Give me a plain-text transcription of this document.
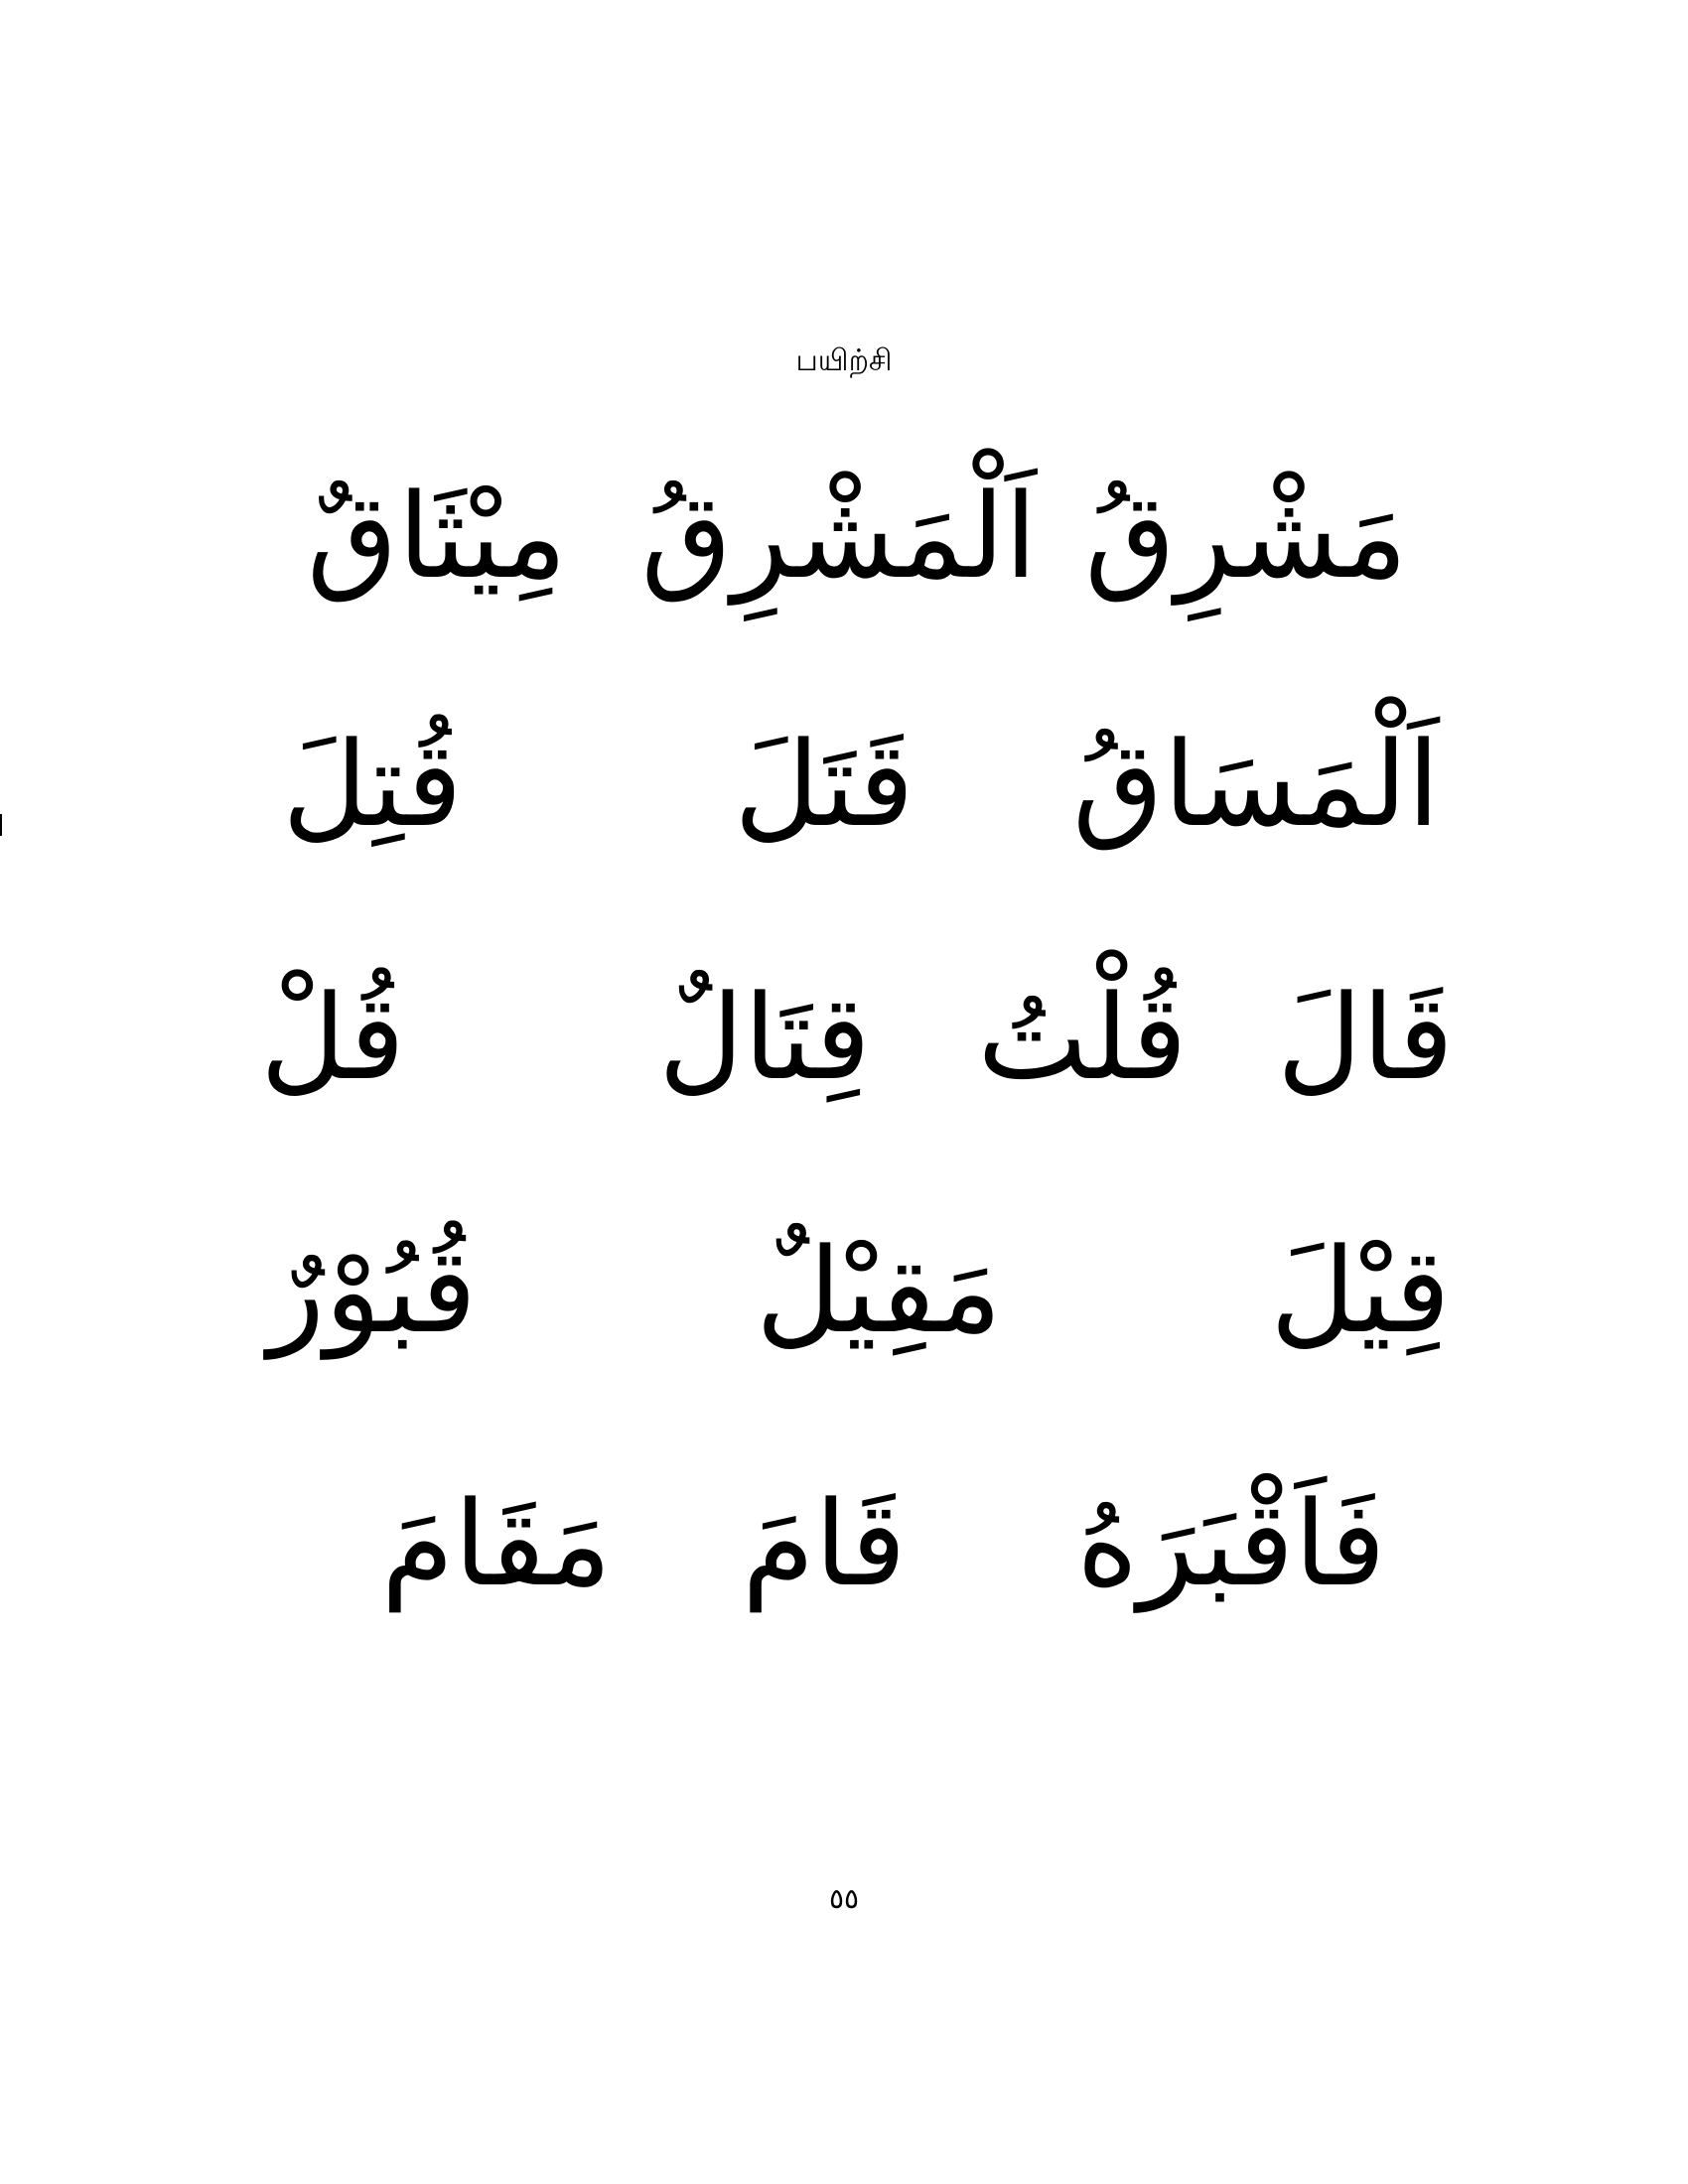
பயிற்சி
مَشْرِقُ
اَلْمَشْرِقُ
مِيْثَاقٌ
اَلْمَسَاقُ
قَتَلَ
قُتِلَ
قَالَ
قُلْتُ
قِتَالٌ
قُلْ
قِيْلَ
مَقِيْلٌ
قُبُوْرٌ
فَاَقْبَرَهُ
قَامَ
مَقَامَ
٥٥
